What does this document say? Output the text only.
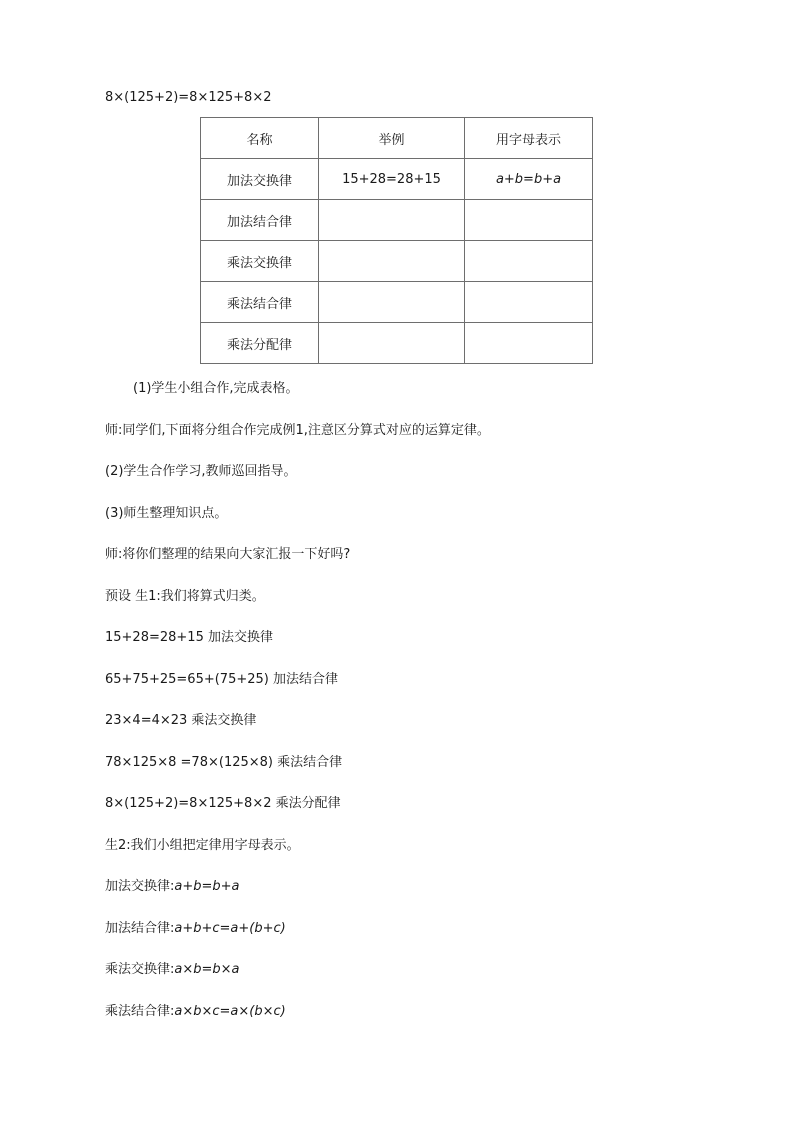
8×(125+2)=8×125+8×2
名称	举例	用字母表示
加法交换律	15+28=28+15	a+b=b+a
加法结合律		
乘法交换律		
乘法结合律		
乘法分配律		
(1)学生小组合作,完成表格。
师:同学们,下面将分组合作完成例1,注意区分算式对应的运算定律。
(2)学生合作学习,教师巡回指导。
(3)师生整理知识点。
师:将你们整理的结果向大家汇报一下好吗?
预设 生1:我们将算式归类。
15+28=28+15 加法交换律
65+75+25=65+(75+25) 加法结合律
23×4=4×23 乘法交换律
78×125×8 =78×(125×8) 乘法结合律
8×(125+2)=8×125+8×2 乘法分配律
生2:我们小组把定律用字母表示。
加法交换律:a+b=b+a
加法结合律:a+b+c=a+(b+c)
乘法交换律:a×b=b×a
乘法结合律:a×b×c=a×(b×c)
